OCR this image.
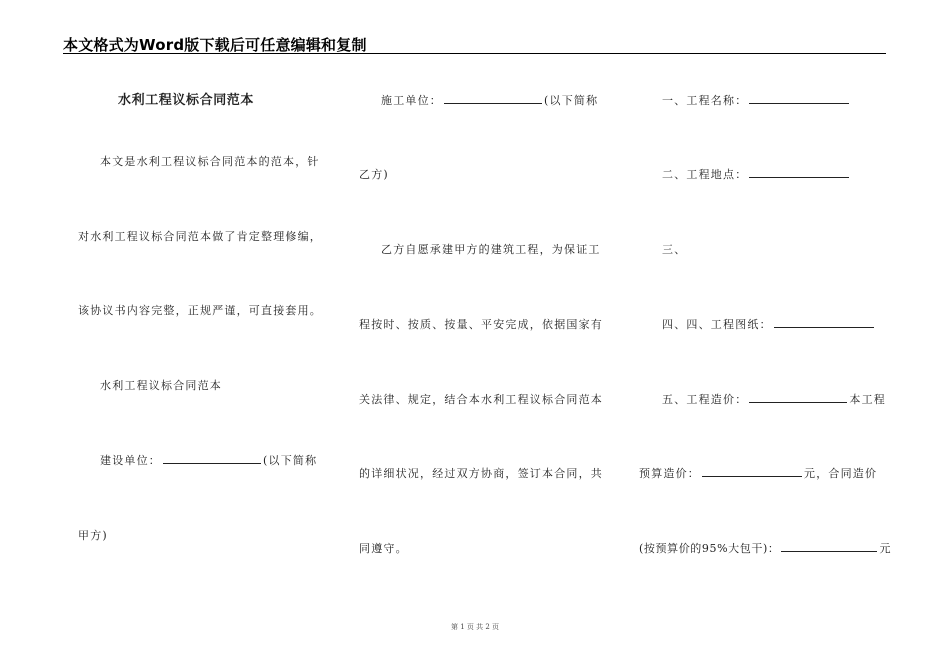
本文格式为Word版下载后可任意编辑和复制
水利工程议标合同范本
本文是水利工程议标合同范本的范本，针
对水利工程议标合同范本做了肯定整理修编，
该协议书内容完整，正规严谨，可直接套用。
水利工程议标合同范本
建设单位：	(以下简称
甲方)
施工单位：	(以下简称
乙方)
乙方自愿承建甲方的建筑工程，为保证工
程按时、按质、按量、平安完成，依据国家有
关法律、规定，结合本水利工程议标合同范本
的详细状况，经过双方协商，签订本合同，共
同遵守。
一、工程名称：
二、工程地点：
三、
四、四、工程图纸：
五、工程造价：	本工程
预算造价：	元，合同造价
(按预算价的95%大包干)：	元
第 1 页 共 2 页
